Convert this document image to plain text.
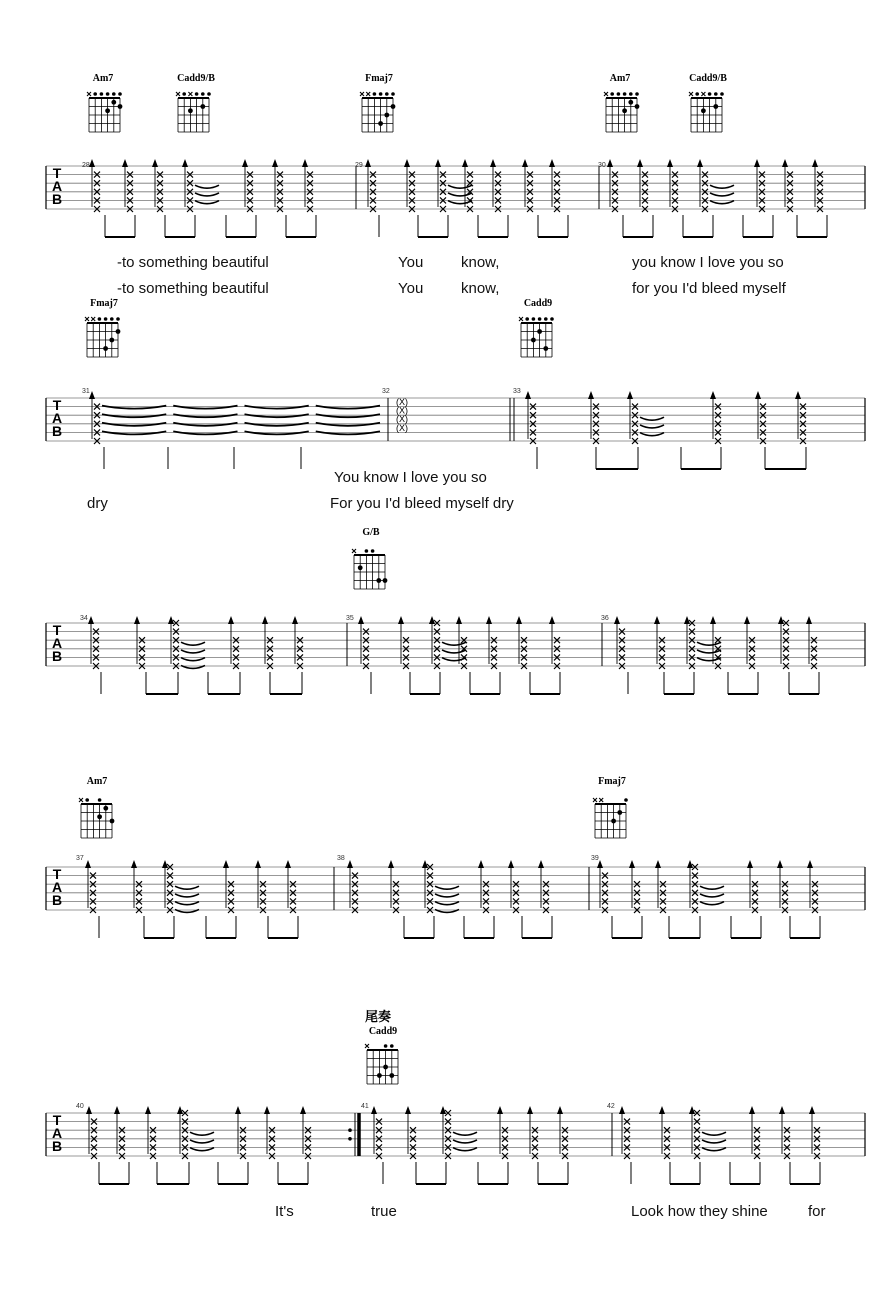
Am7	Cadd9/B	Fmaj7	Am7	Cadd9/B
T
A
B
28	29	30
-to something beautiful	You	know,	you know I love you so
-to something beautiful	You	know,	for you I'd bleed myself
Fmaj7	Cadd9
T
A
B
(X)
(X)
(X)
(X)
31	32	33
You know I love you so
dry	For you I'd bleed myself dry
G/B
T
A
B
34	35	36
Am7	Fmaj7
T
A
B
37	38	39
尾奏
Cadd9
T
A
B
40	41	42
It's	true	Look how they shine	for
